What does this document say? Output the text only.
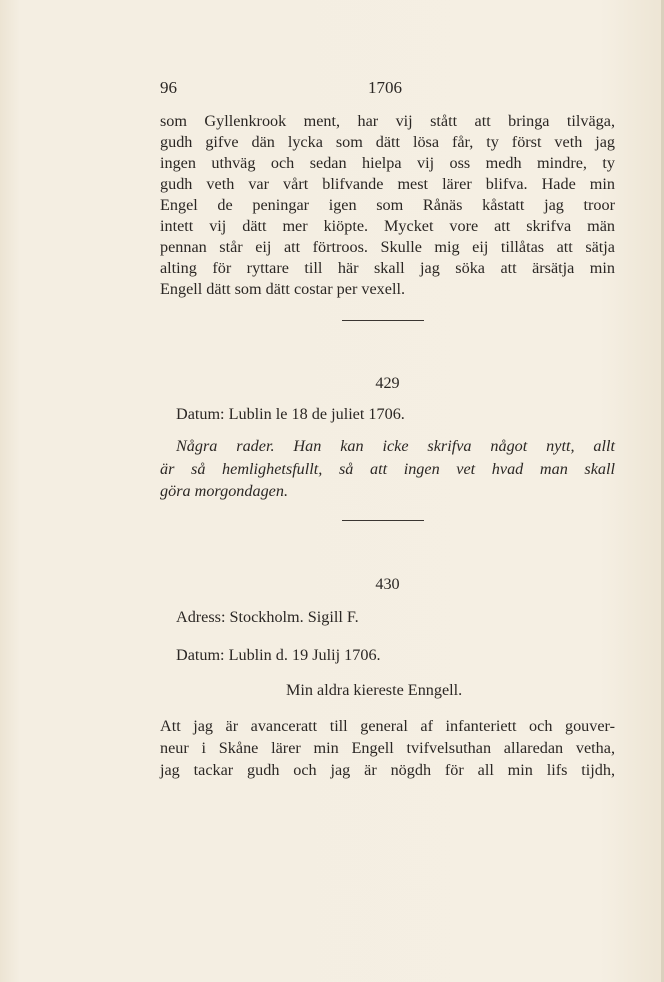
96	1706
som Gyllenkrook ment, har vij stått att bringa tilväga,
gudh gifve dän lycka som dätt lösa får, ty först veth jag
ingen uthväg och sedan hielpa vij oss medh mindre, ty
gudh veth var vårt blifvande mest lärer blifva. Hade min
Engel de peningar igen som Rånäs kåstatt jag troor
intett vij dätt mer kiöpte. Mycket vore att skrifva män
pennan står eij att förtroos. Skulle mig eij tillåtas att sätja
alting för ryttare till här skall jag söka att ärsätja min
Engell dätt som dätt costar per vexell.
429
Datum: Lublin le 18 de juliet 1706.
Några rader. Han kan icke skrifva något nytt, allt
är så hemlighetsfullt, så att ingen vet hvad man skall
göra morgondagen.
430
Adress: Stockholm. Sigill F.
Datum: Lublin d. 19 Julij 1706.
Min aldra kiereste Enngell.
Att jag är avanceratt till general af infanteriett och gouver-
neur i Skåne lärer min Engell tvifvelsuthan allaredan vetha,
jag tackar gudh och jag är nögdh för all min lifs tijdh,
